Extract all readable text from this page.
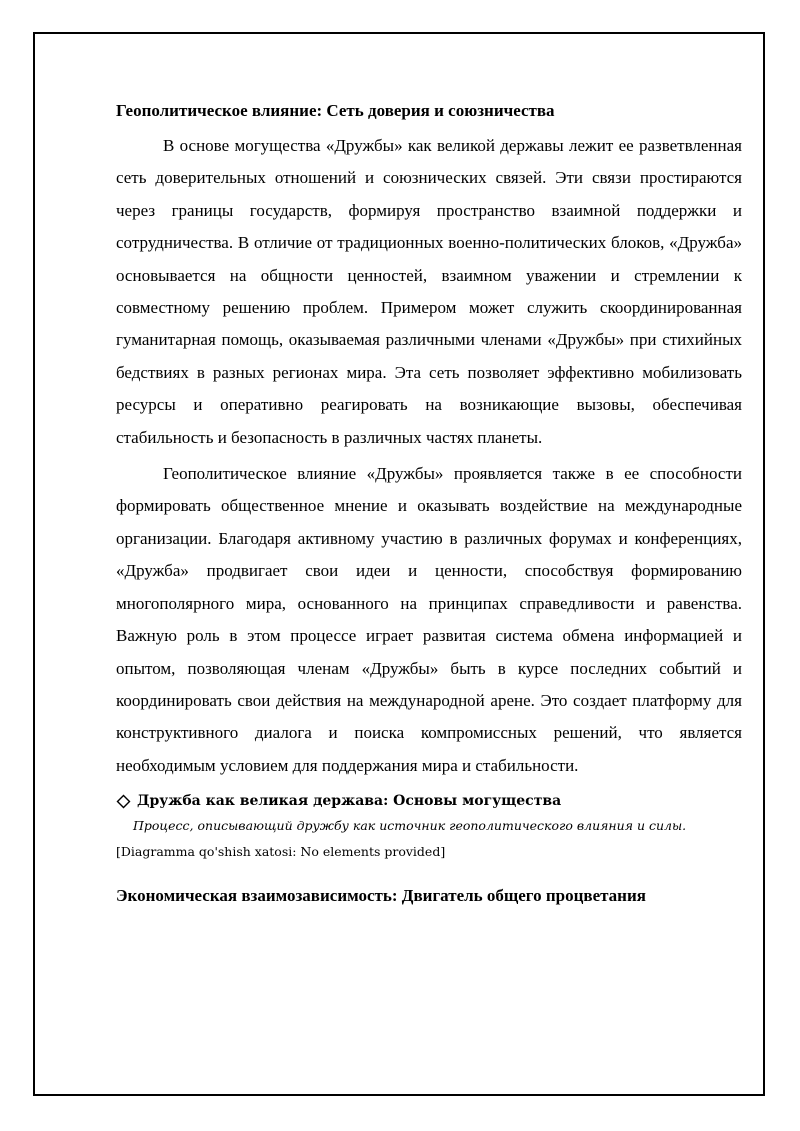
Геополитическое влияние: Сеть доверия и союзничества

В основе могущества «Дружбы» как великой державы лежит ее разветвленная сеть доверительных отношений и союзнических связей. Эти связи простираются через границы государств, формируя пространство взаимной поддержки и сотрудничества. В отличие от традиционных военно-политических блоков, «Дружба» основывается на общности ценностей, взаимном уважении и стремлении к совместному решению проблем. Примером может служить скоординированная гуманитарная помощь, оказываемая различными членами «Дружбы» при стихийных бедствиях в разных регионах мира. Эта сеть позволяет эффективно мобилизовать ресурсы и оперативно реагировать на возникающие вызовы, обеспечивая стабильность и безопасность в различных частях планеты.

Геополитическое влияние «Дружбы» проявляется также в ее способности формировать общественное мнение и оказывать воздействие на международные организации. Благодаря активному участию в различных форумах и конференциях, «Дружба» продвигает свои идеи и ценности, способствуя формированию многополярного мира, основанного на принципах справедливости и равенства. Важную роль в этом процессе играет развитая система обмена информацией и опытом, позволяющая членам «Дружбы» быть в курсе последних событий и координировать свои действия на международной арене. Это создает платформу для конструктивного диалога и поиска компромиссных решений, что является необходимым условием для поддержания мира и стабильности.

Дружба как великая держава: Основы могущества
Процесс, описывающий дружбу как источник геополитического влияния и силы.
[Diagramma qo'shish xatosi: No elements provided]
Экономическая взаимозависимость: Двигатель общего процветания
